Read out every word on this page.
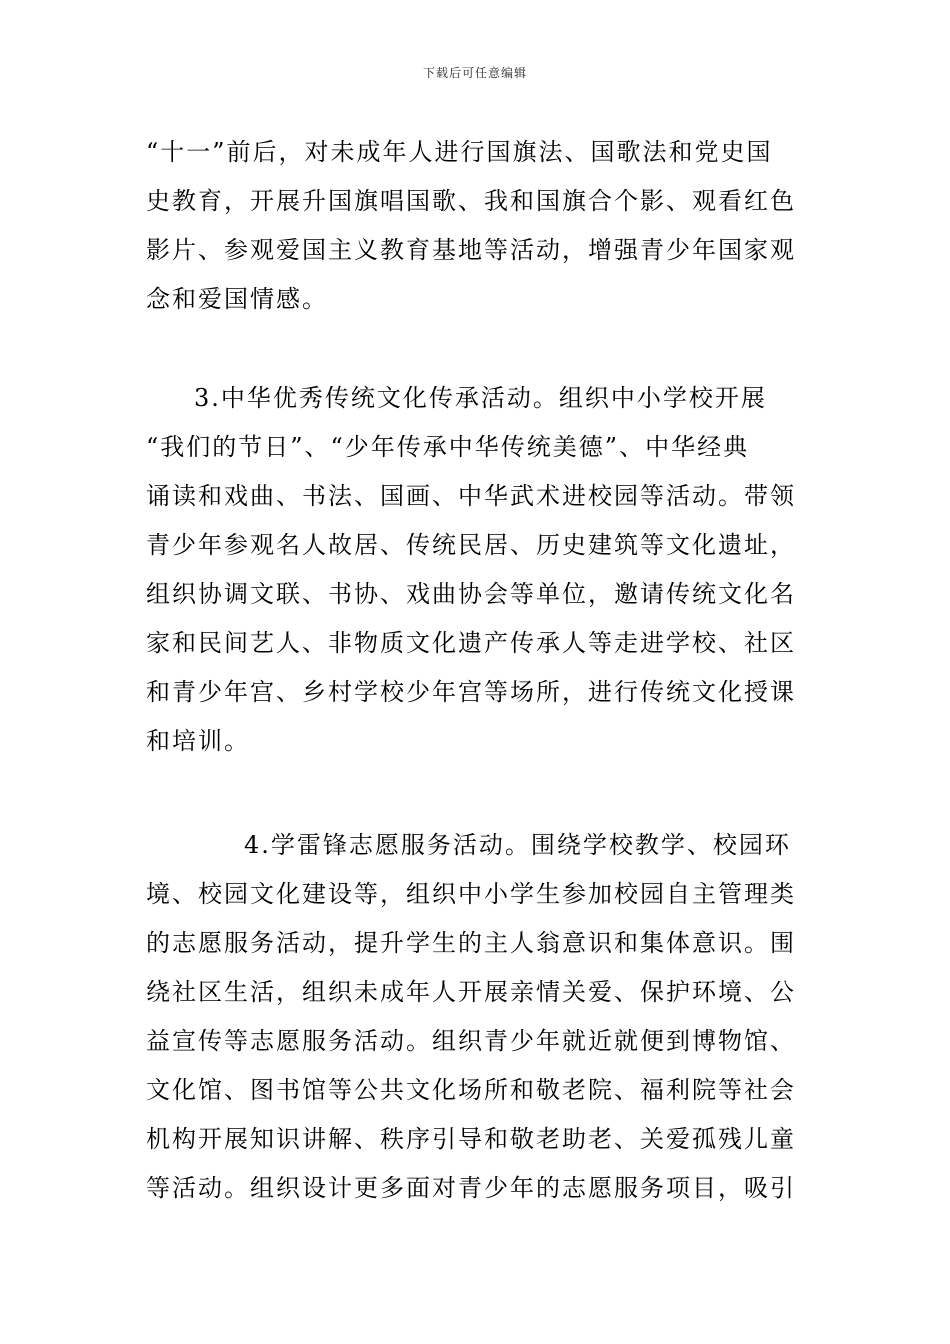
下载后可任意编辑
“十一”前后，对未成年人进行国旗法、国歌法和党史国
史教育，开展升国旗唱国歌、我和国旗合个影、观看红色
影片、参观爱国主义教育基地等活动，增强青少年国家观
念和爱国情感。
3.中华优秀传统文化传承活动。组织中小学校开展
“我们的节日”、“少年传承中华传统美德”、中华经典
诵读和戏曲、书法、国画、中华武术进校园等活动。带领
青少年参观名人故居、传统民居、历史建筑等文化遗址，
组织协调文联、书协、戏曲协会等单位，邀请传统文化名
家和民间艺人、非物质文化遗产传承人等走进学校、社区
和青少年宫、乡村学校少年宫等场所，进行传统文化授课
和培训。
4.学雷锋志愿服务活动。围绕学校教学、校园环
境、校园文化建设等，组织中小学生参加校园自主管理类
的志愿服务活动，提升学生的主人翁意识和集体意识。围
绕社区生活，组织未成年人开展亲情关爱、保护环境、公
益宣传等志愿服务活动。组织青少年就近就便到博物馆、
文化馆、图书馆等公共文化场所和敬老院、福利院等社会
机构开展知识讲解、秩序引导和敬老助老、关爱孤残儿童
等活动。组织设计更多面对青少年的志愿服务项目，吸引
